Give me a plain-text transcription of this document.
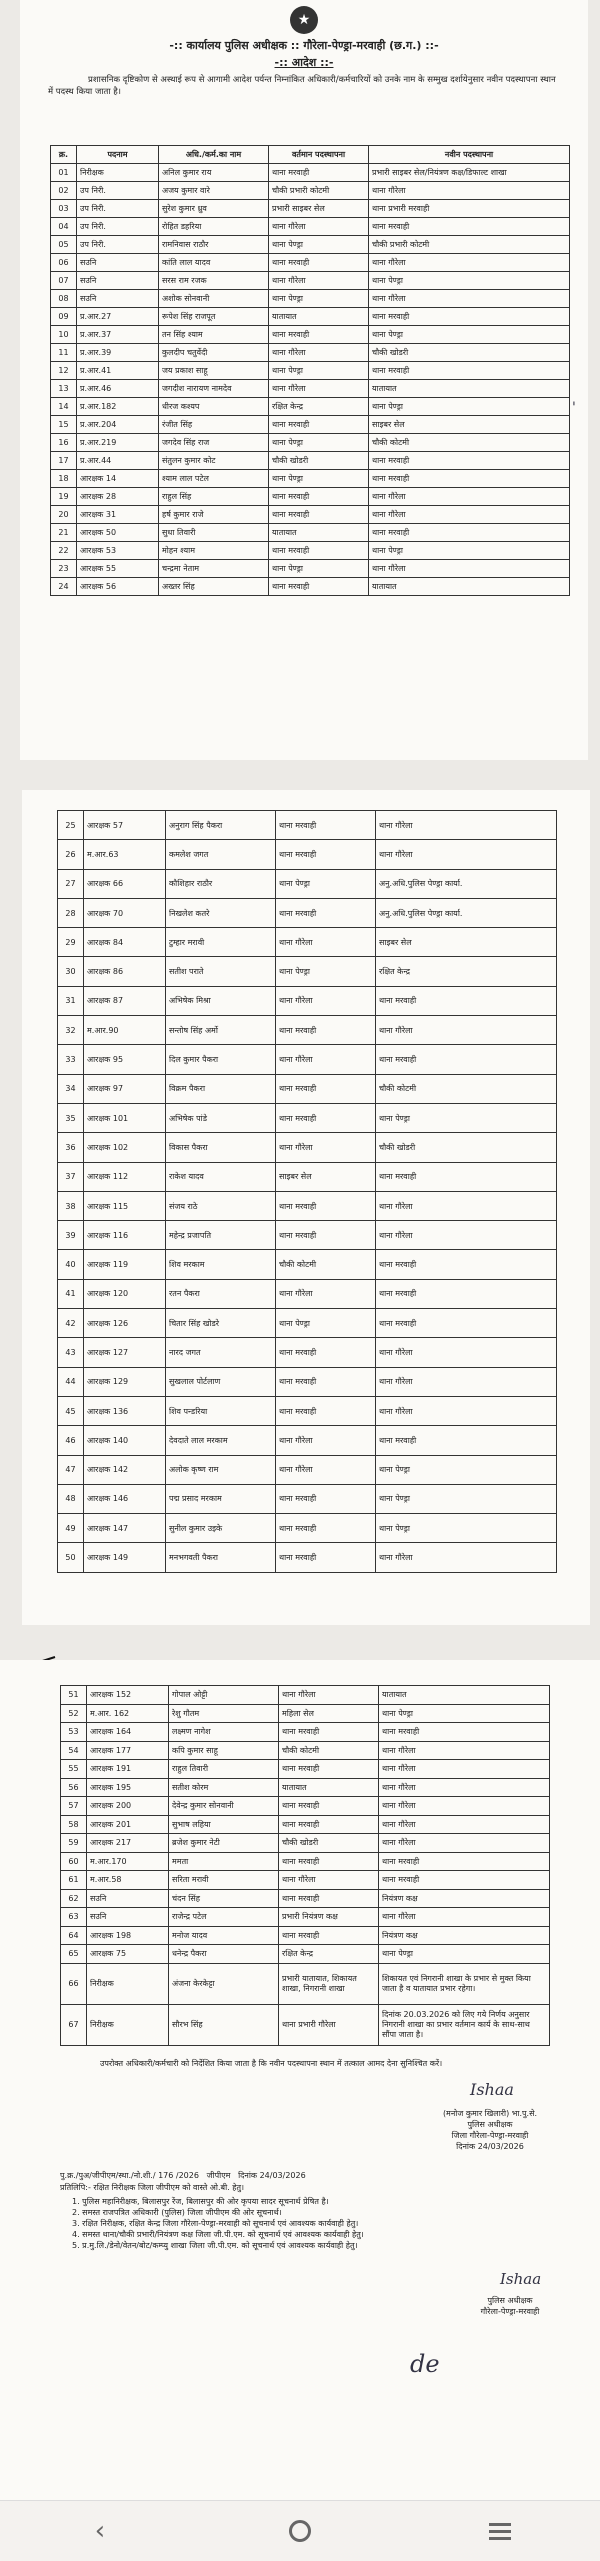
★
-:: कार्यालय पुलिस अधीक्षक :: गौरेला-पेण्ड्रा-मरवाही (छ.ग.) ::-
-:: आदेश ::-
प्रशासनिक दृष्टिकोण से अस्थाई रूप से आगामी आदेश पर्यन्त निम्नांकित अधिकारी/कर्मचारियों को उनके नाम के सम्मुख दर्शायेनुसार नवीन पदस्थापना स्थान में पदस्थ किया जाता है।
क्र.	पदनाम	अधि./कर्म.का नाम	वर्तमान पदस्थापना	नवीन पदस्थापना
01	निरीक्षक	अनिल कुमार राय	थाना मरवाही	प्रभारी साइबर सेल/नियंत्रण कक्ष/डिफाल्ट शाखा
02	उप निरी.	अजय कुमार वारे	चौकी प्रभारी कोटमी	थाना गौरेला
03	उप निरी.	सुरेश कुमार ध्रुव	प्रभारी साइबर सेल	थाना प्रभारी मरवाही
04	उप निरी.	रोहित डहरिया	थाना गौरेला	थाना मरवाही
05	उप निरी.	रामनिवास राठौर	थाना पेण्ड्रा	चौकी प्रभारी कोटमी
06	सउनि	कांति लाल यादव	थाना मरवाही	थाना गौरेला
07	सउनि	सरस राम रजक	थाना गौरेला	थाना पेण्ड्रा
08	सउनि	अशोक सोनवानी	थाना पेण्ड्रा	थाना गौरेला
09	प्र.आर.27	रूपेश सिंह राजपूत	यातायात	थाना मरवाही
10	प्र.आर.37	तन सिंह श्याम	थाना मरवाही	थाना पेण्ड्रा
11	प्र.आर.39	कुलदीप चतुर्वेदी	थाना गौरेला	चौकी खोडरी
12	प्र.आर.41	जय प्रकाश साहू	थाना पेण्ड्रा	थाना मरवाही
13	प्र.आर.46	जगदीश नारायण नामदेव	थाना गौरेला	यातायात
14	प्र.आर.182	धीरज कश्यप	रक्षित केन्द्र	थाना पेण्ड्रा
15	प्र.आर.204	रंजीत सिंह	थाना मरवाही	साइबर सेल
16	प्र.आर.219	जगदेव सिंह राज	थाना पेण्ड्रा	चौकी कोटमी
17	प्र.आर.44	संतुलन कुमार कोट	चौकी खोडरी	थाना मरवाही
18	आरक्षक 14	श्याम लाल पटेल	थाना पेण्ड्रा	थाना मरवाही
19	आरक्षक 28	राहुल सिंह	थाना मरवाही	थाना गौरेला
20	आरक्षक 31	हर्ष कुमार राजे	थाना मरवाही	थाना गौरेला
21	आरक्षक 50	सुधा तिवारी	यातायात	थाना मरवाही
22	आरक्षक 53	मोहन श्याम	थाना मरवाही	थाना पेण्ड्रा
23	आरक्षक 55	चन्द्रमा नेताम	थाना पेण्ड्रा	थाना गौरेला
24	आरक्षक 56	अख्तर सिंह	थाना मरवाही	यातायात
'
25	आरक्षक 57	अनुराग सिंह पैकरा	थाना मरवाही	थाना गौरेला
26	म.आर.63	कमलेश जगत	थाना मरवाही	थाना गौरेला
27	आरक्षक 66	कौशिहार राठौर	थाना पेण्ड्रा	अनु.अधि.पुलिस पेण्ड्रा कार्या.
28	आरक्षक 70	निखलेश कतरे	थाना मरवाही	अनु.अधि.पुलिस पेण्ड्रा कार्या.
29	आरक्षक 84	टुम्हार मरावी	थाना गौरेला	साइबर सेल
30	आरक्षक 86	सतीश पराते	थाना पेण्ड्रा	रक्षित केन्द्र
31	आरक्षक 87	अभिषेक मिश्रा	थाना गौरेला	थाना मरवाही
32	म.आर.90	सन्तोष सिंह अर्मो	थाना मरवाही	थाना गौरेला
33	आरक्षक 95	दिल कुमार पैकरा	थाना गौरेला	थाना मरवाही
34	आरक्षक 97	विक्रम पैकरा	थाना मरवाही	चौकी कोटमी
35	आरक्षक 101	अभिषेक पांडे	थाना मरवाही	थाना पेण्ड्रा
36	आरक्षक 102	विकास पैकरा	थाना गौरेला	चौकी खोडरी
37	आरक्षक 112	राकेश यादव	साइबर सेल	थाना मरवाही
38	आरक्षक 115	संजय राठे	थाना मरवाही	थाना गौरेला
39	आरक्षक 116	महेन्द्र प्रजापति	थाना मरवाही	थाना गौरेला
40	आरक्षक 119	शिव मरकाम	चौकी कोटमी	थाना मरवाही
41	आरक्षक 120	रतन पैकरा	थाना गौरेला	थाना मरवाही
42	आरक्षक 126	चितार सिंह खोडरे	थाना पेण्ड्रा	थाना मरवाही
43	आरक्षक 127	नारद जगत	थाना मरवाही	थाना गौरेला
44	आरक्षक 129	सुखलाल पोर्टलाण	थाना मरवाही	थाना गौरेला
45	आरक्षक 136	शिव पन्डरिया	थाना मरवाही	थाना गौरेला
46	आरक्षक 140	देवदाते लाल मरकाम	थाना गौरेला	थाना मरवाही
47	आरक्षक 142	अलोक कृष्ण राम	थाना गौरेला	थाना पेण्ड्रा
48	आरक्षक 146	पद्म प्रसाद मरकाम	थाना मरवाही	थाना पेण्ड्रा
49	आरक्षक 147	सुनील कुमार उइके	थाना मरवाही	थाना पेण्ड्रा
50	आरक्षक 149	मनभगवती पैकरा	थाना मरवाही	थाना गौरेला
51	आरक्षक 152	गोपाल ओट्टी	थाना गौरेला	यातायात
52	म.आर. 162	रेशु गौतम	महिला सेल	थाना पेण्ड्रा
53	आरक्षक 164	लक्ष्मण नागेश	थाना मरवाही	थाना मरवाही
54	आरक्षक 177	कपि कुमार साहू	चौकी कोटमी	थाना गौरेला
55	आरक्षक 191	राहुल तिवारी	थाना मरवाही	थाना गौरेला
56	आरक्षक 195	सतीश कोरम	यातायात	थाना गौरेला
57	आरक्षक 200	देवेन्द्र कुमार सोनवानी	थाना मरवाही	थाना गौरेला
58	आरक्षक 201	सुभाष लहिया	थाना मरवाही	थाना गौरेला
59	आरक्षक 217	ब्रजेश कुमार नेटी	चौकी खोडरी	थाना गौरेला
60	म.आर.170	ममता	थाना मरवाही	थाना मरवाही
61	म.आर.58	सरिता मरावी	थाना गौरेला	थाना मरवाही
62	सउनि	चंदन सिंह	थाना मरवाही	नियंत्रण कक्ष
63	सउनि	राजेन्द्र पटेल	प्रभारी नियंत्रण कक्ष	थाना गौरेला
64	आरक्षक 198	मनोज यादव	थाना मरवाही	नियंत्रण कक्ष
65	आरक्षक 75	धनेन्द्र पैकरा	रक्षित केन्द्र	थाना पेण्ड्रा
66	निरीक्षक	अंजना केरकेट्टा	प्रभारी यातायात, शिकायत शाखा, निगरानी शाखा	शिकायत एवं निगरानी शाखा के प्रभार से मुक्त किया जाता है व यातायात प्रभार रहेगा।
67	निरीक्षक	सौरभ सिंह	थाना प्रभारी गौरेला	दिनांक 20.03.2026 को लिए गये निर्णय अनुसार निगरानी शाखा का प्रभार वर्तमान कार्य के साथ-साथ सौंपा जाता है।
उपरोक्त अधिकारी/कर्मचारी को निर्देशित किया जाता है कि नवीन पदस्थापना स्थान में तत्काल आमद देना सुनिश्चित करें।
Ishaa
(मनोज कुमार खिलारी) भा.पु.से.
पुलिस अधीक्षक
जिला गौरेला-पेण्ड्रा-मरवाही
दिनांक 24/03/2026
पु.क्र./पुअ/जीपीएम/स्था./नो.शी./ 176 /2026 जीपीएम दिनांक 24/03/2026
प्रतिलिपि:- रक्षित निरीक्षक जिला जीपीएम को वास्ते ओ.बी. हेतु।
1. पुलिस महानिरीक्षक, बिलासपुर रेंज, बिलासपुर की ओर कृपया सादर सूचनार्थ प्रेषित है।
2. समस्त राजपत्रित अधिकारी (पुलिस) जिला जीपीएम की ओर सूचनार्थ।
3. रक्षित निरीक्षक, रक्षित केन्द्र जिला गौरेला-पेण्ड्रा-मरवाही को सूचनार्थ एवं आवश्यक कार्यवाही हेतु।
4. समस्त थाना/चौकी प्रभारी/नियंत्रण कक्ष जिला जी.पी.एम. को सूचनार्थ एवं आवश्यक कार्यवाही हेतु।
5. प्र.मु.लि./डेनो/वेतन/बोट/कम्प्यु शाखा जिला जी.पी.एम. को सूचनार्थ एवं आवश्यक कार्यवाही हेतु।
Ishaa
पुलिस अधीक्षक
गौरेला-पेण्ड्रा-मरवाही
de
‹
